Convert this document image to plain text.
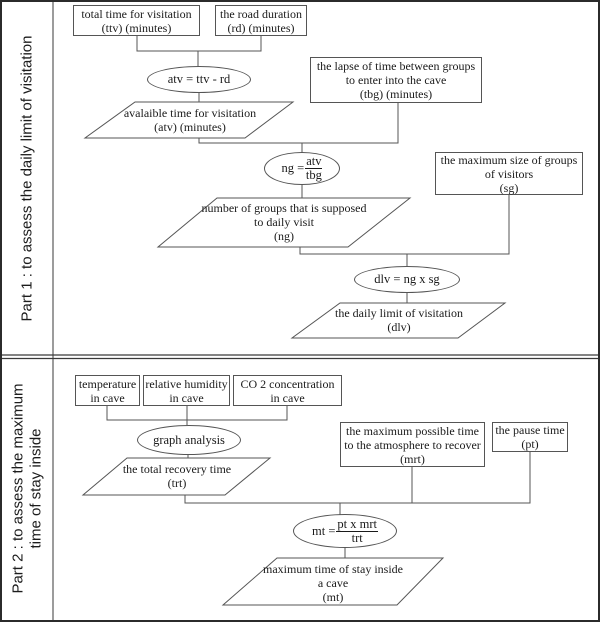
Part 1 : to assess the daily limit of visitation
Part 2 : to assess the maximum time of stay inside
total time for visitation
(ttv) (minutes)
the road duration
(rd) (minutes)
atv = ttv - rd
avalaible time for visitation
(atv) (minutes)
the lapse of time between groups
to enter into the cave
(tbg) (minutes)
ng = atv
tbg
number of groups that is supposed
to daily visit
(ng)
the maximum size of groups
of visitors
(sg)
dlv = ng x sg
the daily limit of visitation
(dlv)
temperature
in cave
relative humidity
in cave
CO 2 concentration
in cave
graph analysis
the total recovery time
(trt)
the maximum possible time
to the atmosphere to recover
(mrt)
the pause time
(pt)
mt = pt x mrt
trt
maximum time of stay inside
a cave
(mt)
